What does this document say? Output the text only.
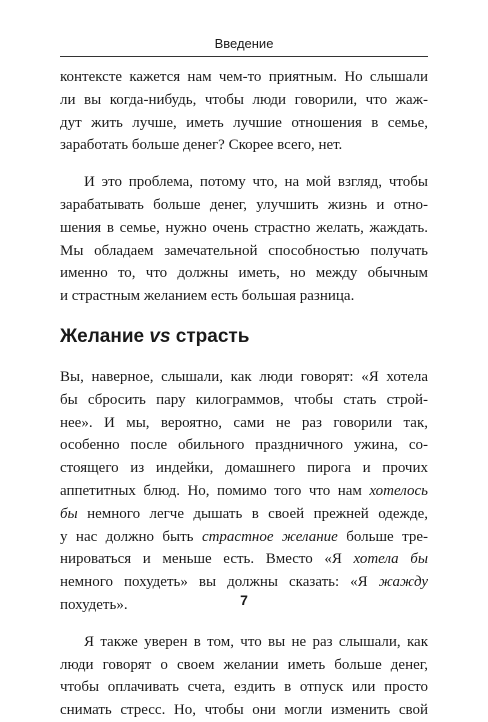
Введение
контексте кажется нам чем-то приятным. Но слышали
ли вы когда-нибудь, чтобы люди говорили, что жаж-
дут жить лучше, иметь лучшие отношения в семье,
заработать больше денег? Скорее всего, нет.
И это проблема, потому что, на мой взгляд, чтобы
зарабатывать больше денег, улучшить жизнь и отно-
шения в семье, нужно очень страстно желать, жаждать.
Мы обладаем замечательной способностью получать
именно то, что должны иметь, но между обычным
и страстным желанием есть большая разница.
Желание vs страсть
Вы, наверное, слышали, как люди говорят: «Я хотела
бы сбросить пару килограммов, чтобы стать строй-
нее». И мы, вероятно, сами не раз говорили так,
особенно после обильного праздничного ужина, со-
стоящего из индейки, домашнего пирога и прочих
аппетитных блюд. Но, помимо того что нам хотелось
бы немного легче дышать в своей прежней одежде,
у нас должно быть страстное желание больше тре-
нироваться и меньше есть. Вместо «Я хотела бы
немного похудеть» вы должны сказать: «Я жажду
похудеть».
Я также уверен в том, что вы не раз слышали, как
люди говорят о своем желании иметь больше денег,
чтобы оплачивать счета, ездить в отпуск или просто
снимать стресс. Но, чтобы они могли изменить свой
7
